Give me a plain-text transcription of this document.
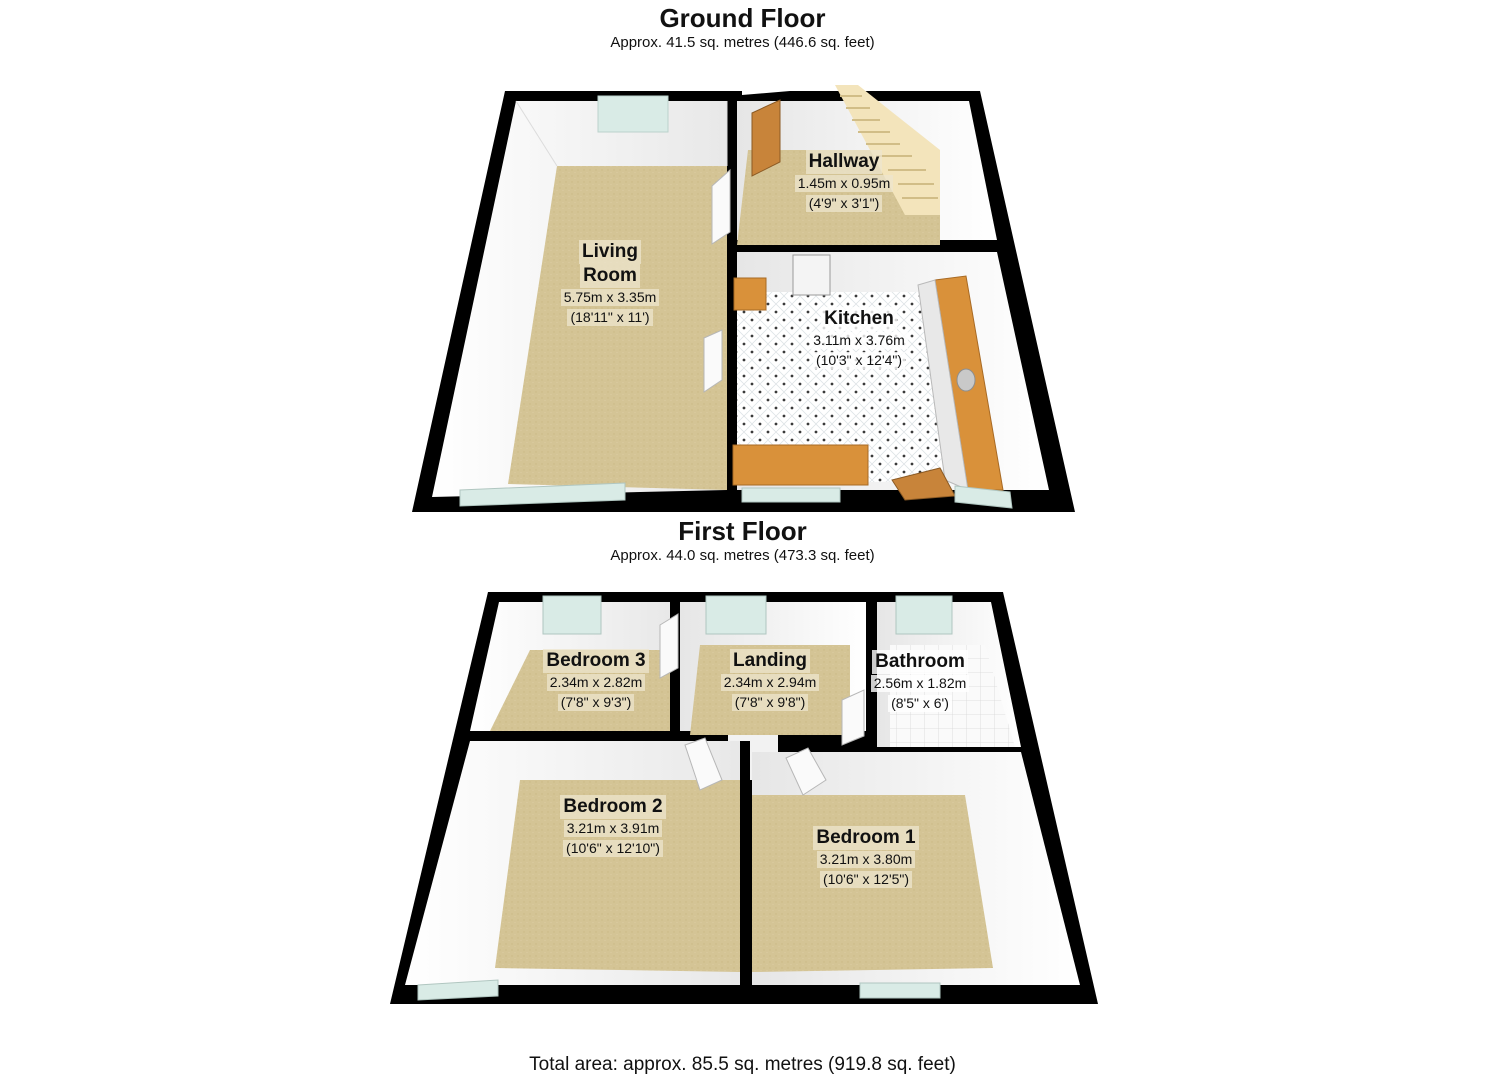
Ground Floor
Approx. 41.5 sq. metres (446.6 sq. feet)
First Floor
Approx. 44.0 sq. metres (473.3 sq. feet)
Living
Room
5.75m x 3.35m
(18'11" x 11')
Hallway
1.45m x 0.95m
(4'9" x 3'1")
Kitchen
3.11m x 3.76m
(10'3" x 12'4")
Bedroom 3
2.34m x 2.82m
(7'8" x 9'3")
Landing
2.34m x 2.94m
(7'8" x 9'8")
Bathroom
2.56m x 1.82m
(8'5" x 6')
Bedroom 2
3.21m x 3.91m
(10'6" x 12'10")	Bedroom 1
3.21m x 3.80m
(10'6" x 12'5")
Total area: approx. 85.5 sq. metres (919.8 sq. feet)
